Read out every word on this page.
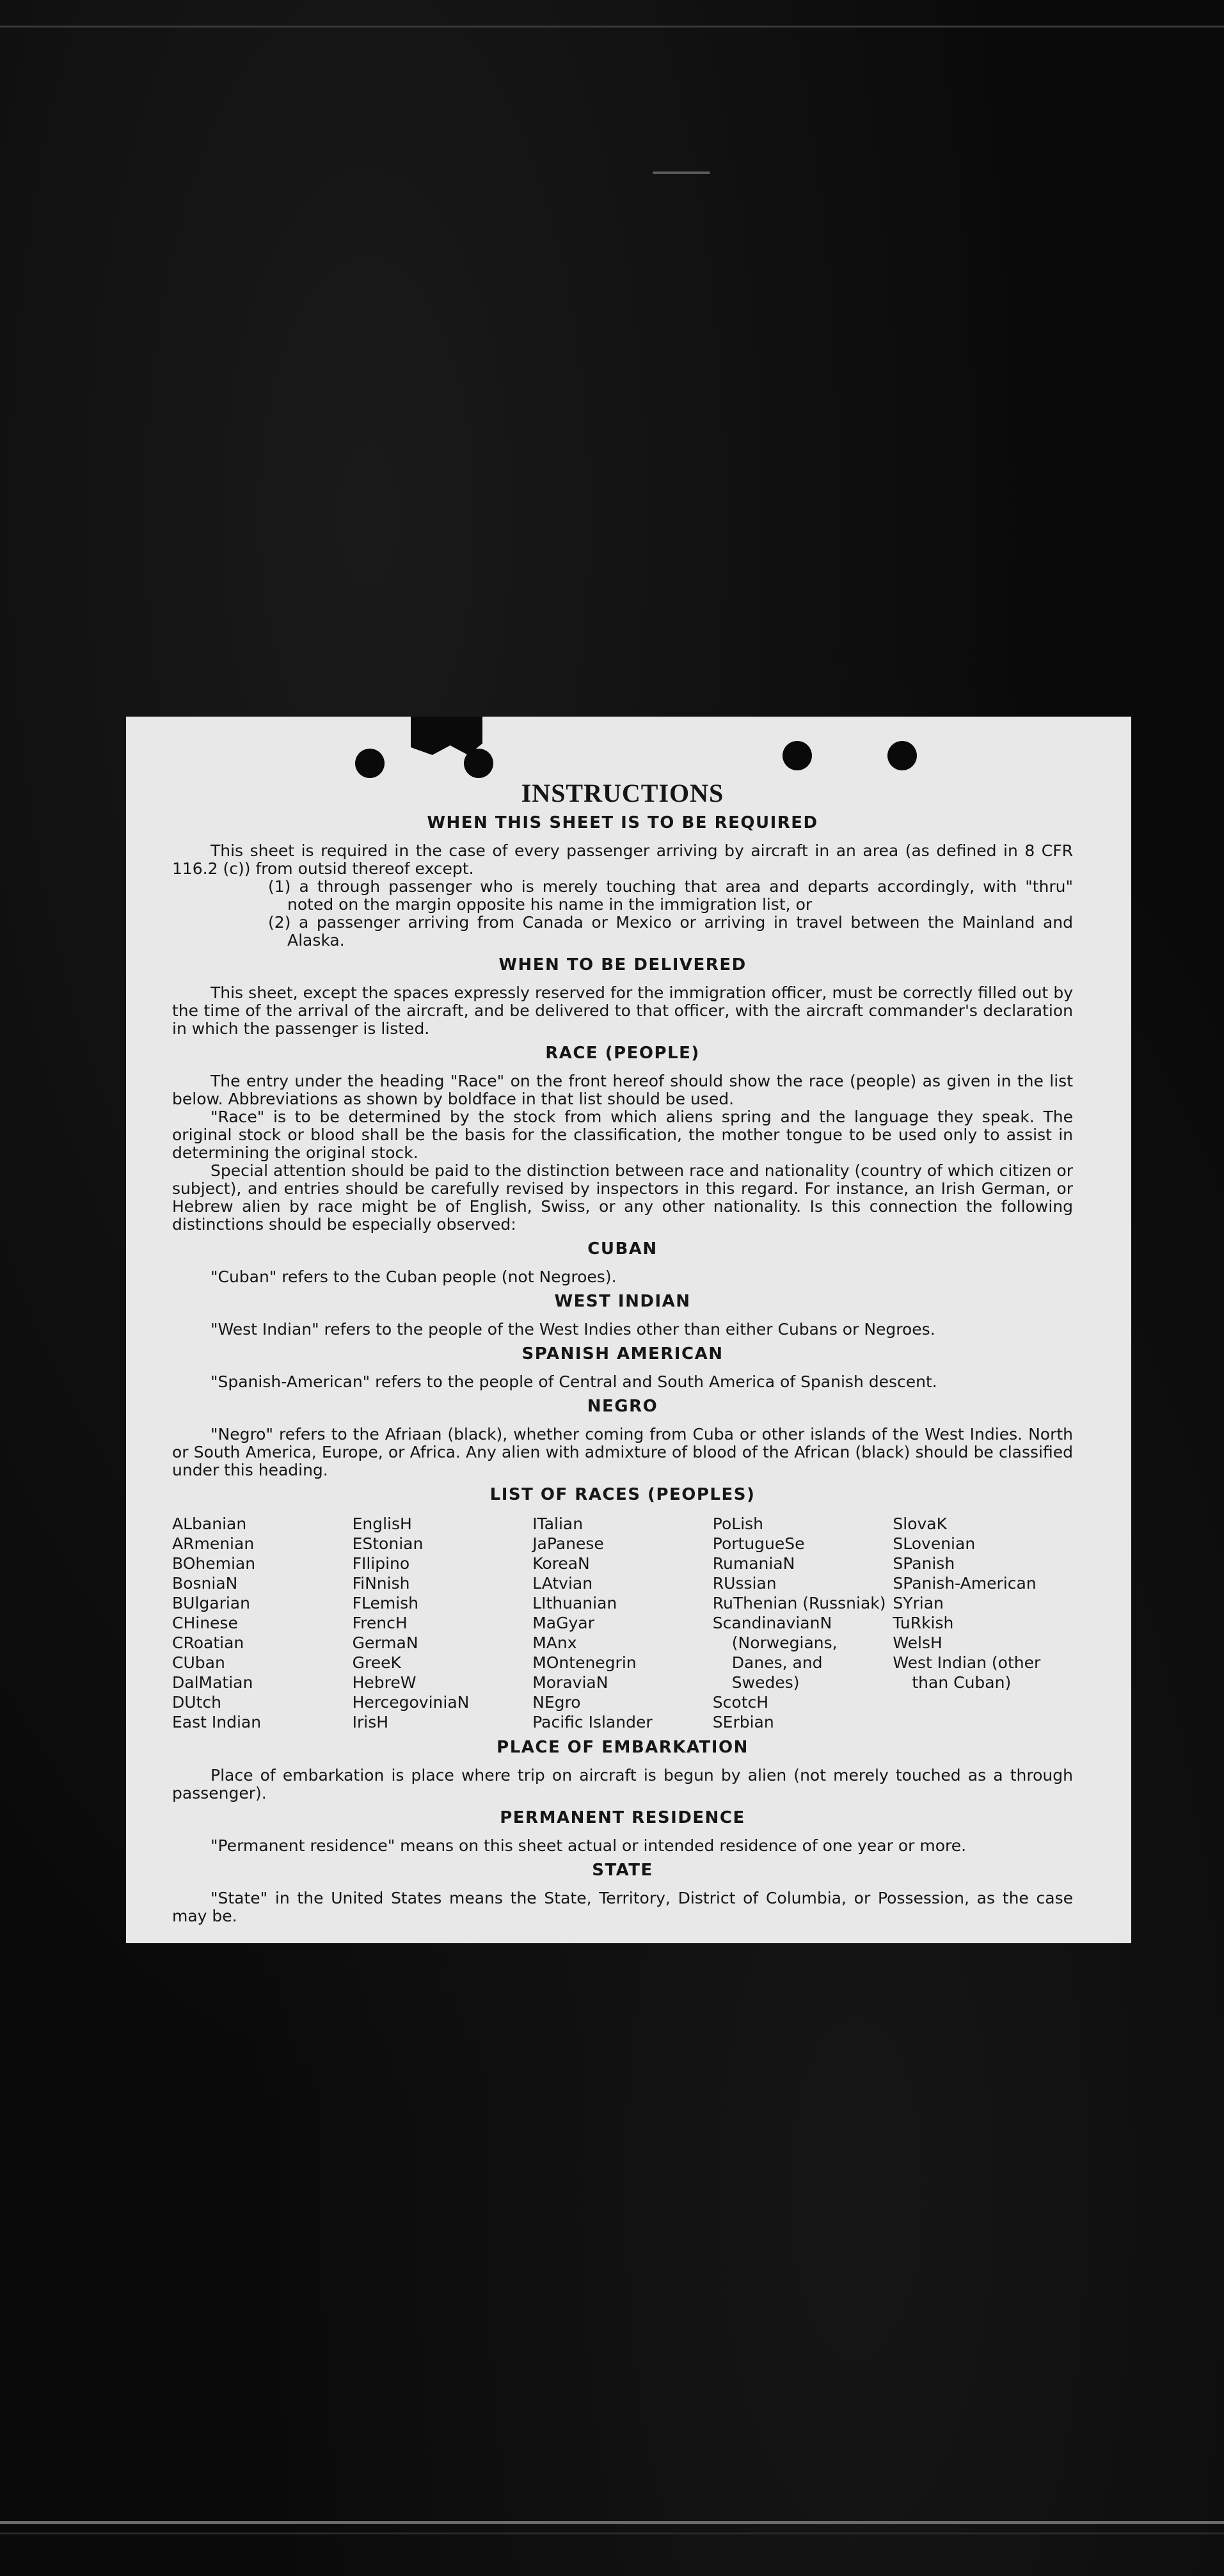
INSTRUCTIONS
WHEN THIS SHEET IS TO BE REQUIRED

This sheet is required in the case of every passenger arriving by aircraft in an area (as defined in 8 CFR 116.2 (c)) from outsid thereof except.

(1) a through passenger who is merely touching that area and departs accordingly, with "thru" noted on the margin opposite his name in the immigration list, or

(2) a passenger arriving from Canada or Mexico or arriving in travel between the Mainland and Alaska.

WHEN TO BE DELIVERED

This sheet, except the spaces expressly reserved for the immigration officer, must be correctly filled out by the time of the arrival of the aircraft, and be delivered to that officer, with the aircraft commander's declaration in which the passenger is listed.

RACE (PEOPLE)

The entry under the heading "Race" on the front hereof should show the race (people) as given in the list below. Abbreviations as shown by boldface in that list should be used.

"Race" is to be determined by the stock from which aliens spring and the language they speak. The original stock or blood shall be the basis for the classification, the mother tongue to be used only to assist in determining the original stock.

Special attention should be paid to the distinction between race and nationality (country of which citizen or subject), and entries should be carefully revised by inspectors in this regard. For instance, an Irish German, or Hebrew alien by race might be of English, Swiss, or any other nationality. Is this connection the following distinctions should be especially observed:

CUBAN

"Cuban" refers to the Cuban people (not Negroes).

WEST INDIAN

"West Indian" refers to the people of the West Indies other than either Cubans or Negroes.

SPANISH AMERICAN

"Spanish-American" refers to the people of Central and South America of Spanish descent.

NEGRO

"Negro" refers to the Afriaan (black), whether coming from Cuba or other islands of the West Indies. North or South America, Europe, or Africa. Any alien with admixture of blood of the African (black) should be classified under this heading.

LIST OF RACES (PEOPLES)
ALbanian
ARmenian
BOhemian
BosniaN
BUlgarian
CHinese
CRoatian
CUban
DalMatian
DUtch
East Indian
EnglisH
EStonian
FIlipino
FiNnish
FLemish
FrencH
GermaN
GreeK
HebreW
HercegoviniaN
IrisH
ITalian
JaPanese
KoreaN
LAtvian
LIthuanian
MaGyar
MAnx
MOntenegrin
MoraviaN
NEgro
Pacific Islander
PoLish
PortugueSe
RumaniaN
RUssian
RuThenian (Russniak)
ScandinavianN (Norwegians, Danes, and Swedes)
ScotcH
SErbian
SlovaK
SLovenian
SPanish
SPanish-American
SYrian
TuRkish
WelsH
West Indian (other than Cuban)
PLACE OF EMBARKATION

Place of embarkation is place where trip on aircraft is begun by alien (not merely touched as a through passenger).

PERMANENT RESIDENCE

"Permanent residence" means on this sheet actual or intended residence of one year or more.

STATE

"State" in the United States means the State, Territory, District of Columbia, or Possession, as the case may be.
